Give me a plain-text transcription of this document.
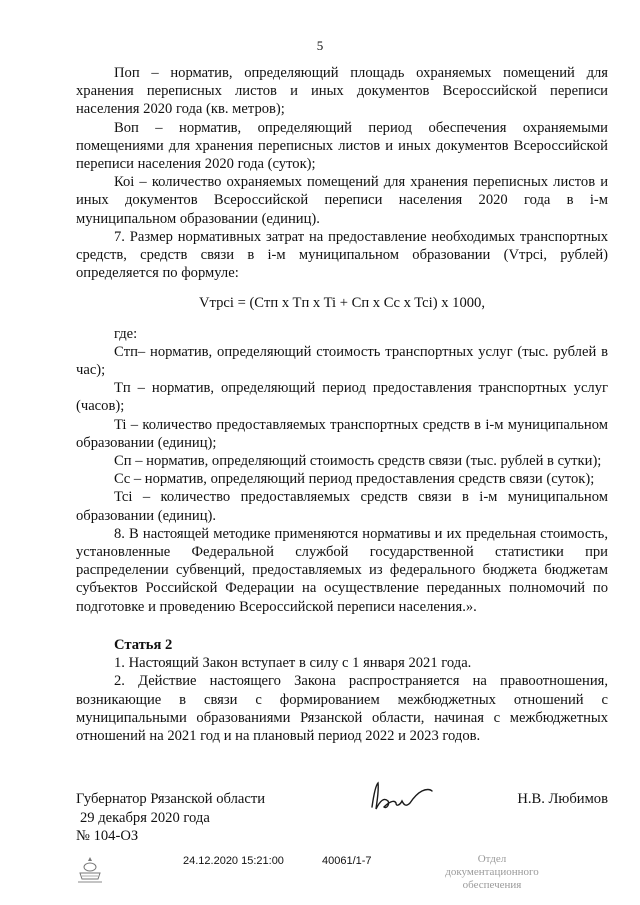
5

Поп – норматив, определяющий площадь охраняемых помещений для хранения переписных листов и иных документов Всероссийской переписи населения 2020 года (кв. метров);

Воп – норматив, определяющий период обеспечения охраняемыми помещениями для хранения переписных листов и иных документов Всероссийской переписи населения 2020 года (суток);

Коi – количество охраняемых помещений для хранения переписных листов и иных документов Всероссийской переписи населения 2020 года в i-м муниципальном образовании (единиц).

7. Размер нормативных затрат на предоставление необходимых транспортных средств, средств связи в i-м муниципальном образовании (Vтрсi, рублей) определяется по формуле:

Vтрсi = (Cтп x Tп x Ti + Cп x Cc x Tci) x 1000,

где:

Cтп– норматив, определяющий стоимость транспортных услуг (тыс. рублей в час);

Tп – норматив, определяющий период предоставления транспортных услуг (часов);

Ti – количество предоставляемых транспортных средств в i-м муниципальном образовании (единиц);

Cп – норматив, определяющий стоимость средств связи (тыс. рублей в сутки);

Cc – норматив, определяющий период предоставления средств связи (суток);

Tci – количество предоставляемых средств связи в i-м муниципальном образовании (единиц).

8. В настоящей методике применяются нормативы и их предельная стоимость, установленные Федеральной службой государственной статистики при распределении субвенций, предоставляемых из федерального бюджета бюджетам субъектов Российской Федерации на осуществление переданных полномочий по подготовке и проведению Всероссийской переписи населения.».

Статья 2

1. Настоящий Закон вступает в силу с 1 января 2021 года.

2. Действие настоящего Закона распространяется на правоотношения, возникающие в связи с формированием межбюджетных отношений с муниципальными образованиями Рязанской области, начиная с межбюджетных отношений на 2021 год и на плановый период 2022 и 2023 годов.

Губернатор Рязанской области	Н.В. Любимов
29 декабря 2020 года
№ 104-ОЗ
24.12.2020 15:21:00	40061/1-7	Отдел документационного
обеспечения
